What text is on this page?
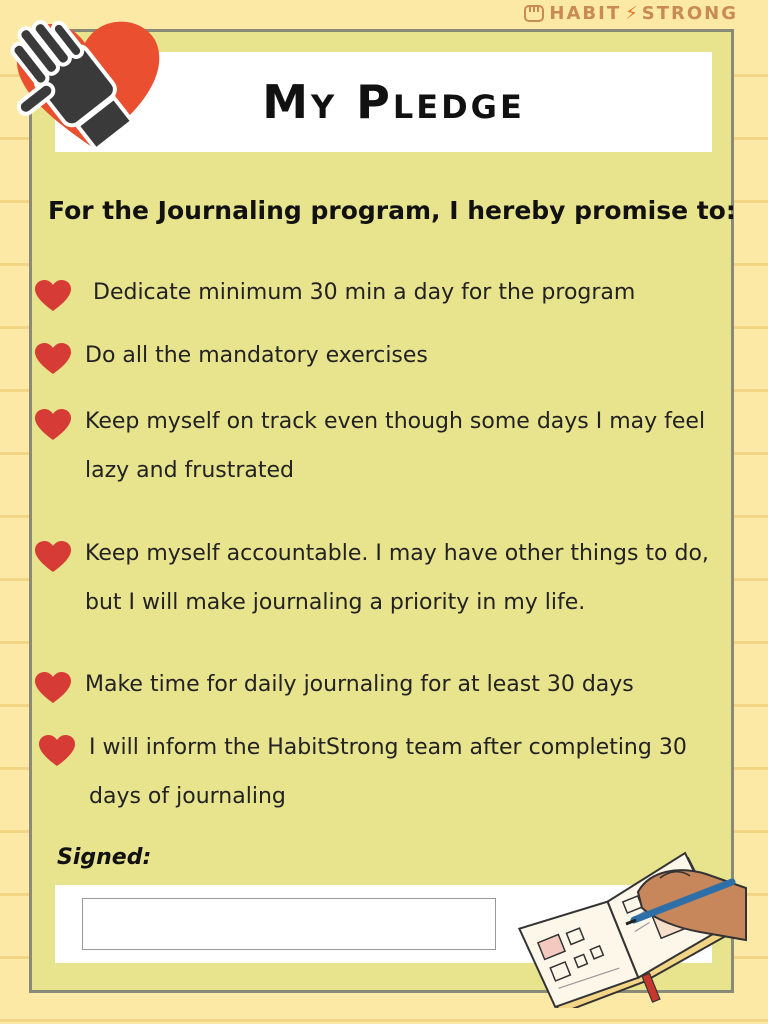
HABIT ⚡ STRONG
My Pledge

For the Journaling program, I hereby promise to:

Dedicate minimum 30 min a day for the program
Do all the mandatory exercises
Keep myself on track even though some days I may feel lazy and frustrated
Keep myself accountable. I may have other things to do, but I will make journaling a priority in my life.
Make time for daily journaling for at least 30 days
I will inform the HabitStrong team after completing 30 days of journaling
Signed:
